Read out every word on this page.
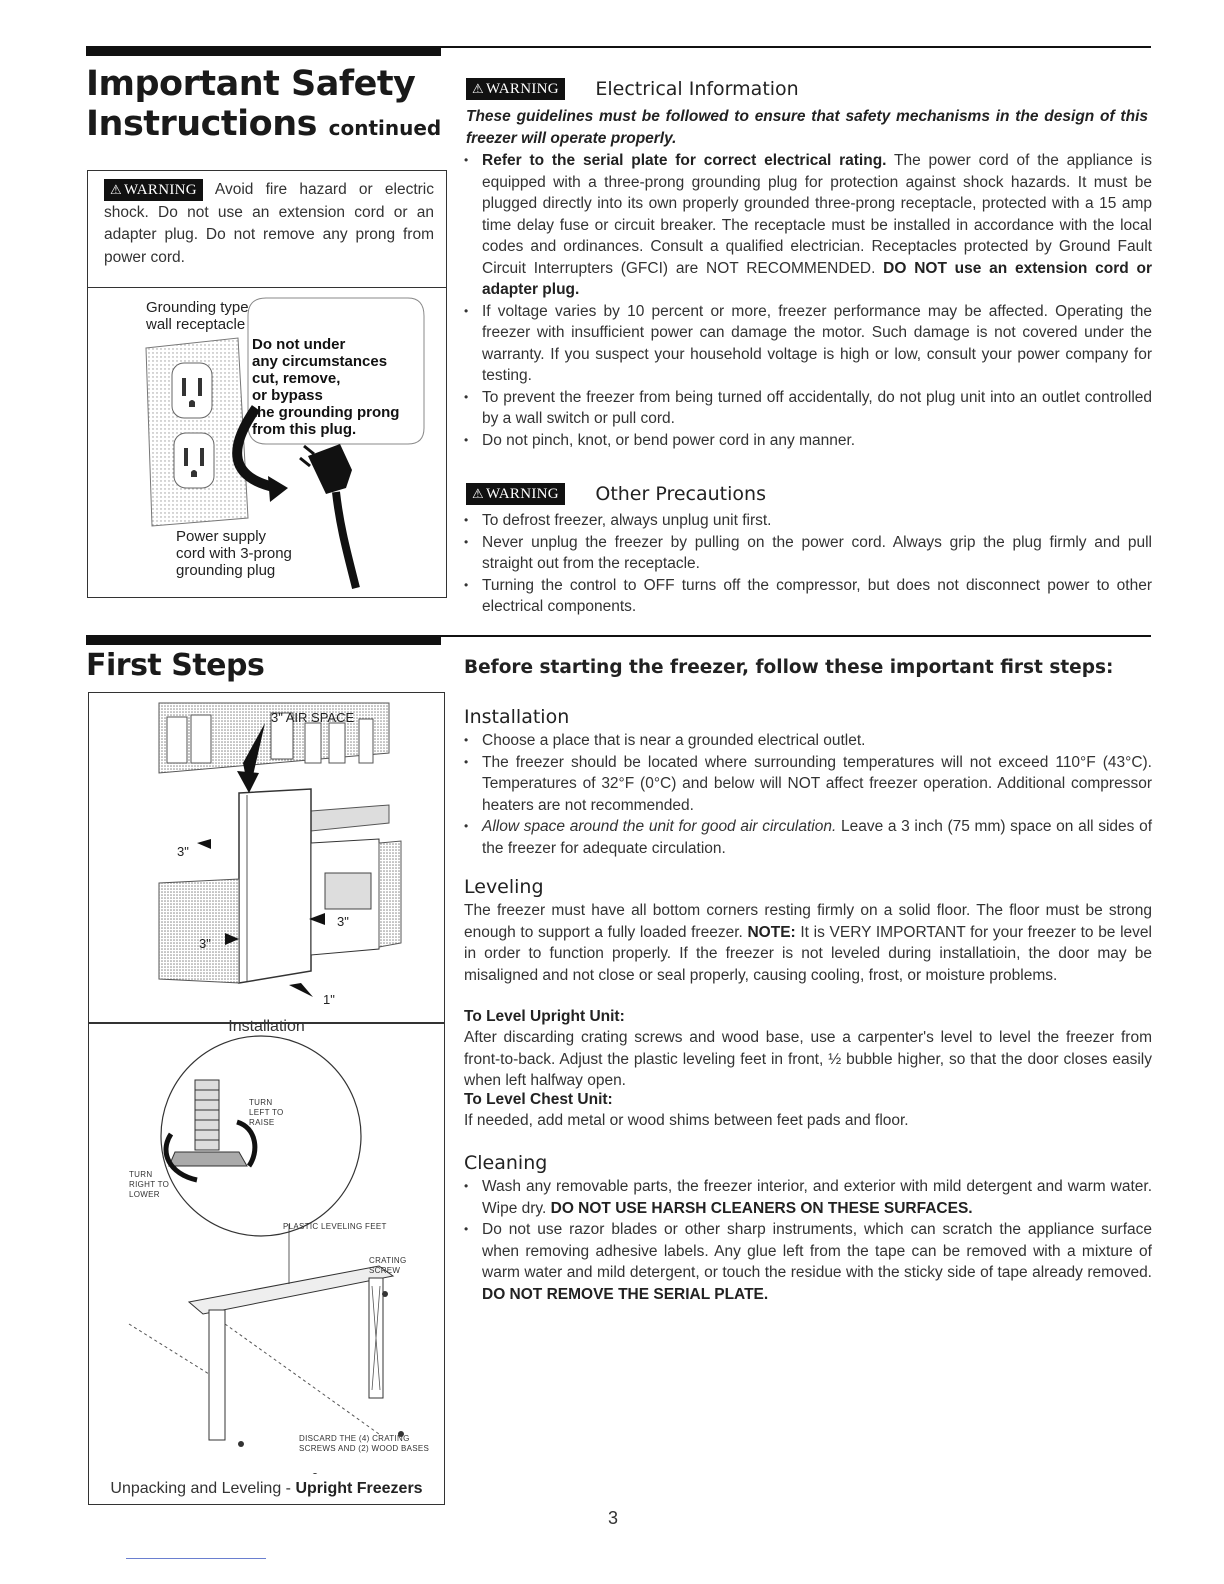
Important Safety
Instructions continued
⚠ WARNING Avoid fire hazard or electric shock. Do not use an extension cord or an adapter plug. Do not remove any prong from power cord.
Grounding type
wall receptacle
Do not under
any circumstances
cut, remove,
or bypass
the grounding prong
from this plug.
Power supply
cord with 3-prong
grounding plug
⚠ WARNING Electrical Information
These guidelines must be followed to ensure that safety mechanisms in the design of this freezer will operate properly.
• Refer to the serial plate for correct electrical rating. The power cord of the appliance is equipped with a three-prong grounding plug for protection against shock hazards. It must be plugged directly into its own properly grounded three-prong receptacle, protected with a 15 amp time delay fuse or circuit breaker. The receptacle must be installed in accordance with the local codes and ordinances. Consult a qualified electrician. Receptacles protected by Ground Fault Circuit Interrupters (GFCI) are NOT RECOMMENDED. DO NOT use an extension cord or adapter plug.
• If voltage varies by 10 percent or more, freezer performance may be affected. Operating the freezer with insufficient power can damage the motor. Such damage is not covered under the warranty. If you suspect your household voltage is high or low, consult your power company for testing.
• To prevent the freezer from being turned off accidentally, do not plug unit into an outlet controlled by a wall switch or pull cord.
• Do not pinch, knot, or bend power cord in any manner.
⚠ WARNING Other Precautions
• To defrost freezer, always unplug unit first.
• Never unplug the freezer by pulling on the power cord. Always grip the plug firmly and pull straight out from the receptacle.
• Turning the control to OFF turns off the compressor, but does not disconnect power to other electrical components.
First Steps	Before starting the freezer, follow these important first steps:
3" AIR SPACE
3"
3"
3"
1"
Installation
TURN
LEFT TO
RAISE
TURN
RIGHT TO
LOWER
PLASTIC LEVELING FEET
CRATING
SCREW
DISCARD THE (4) CRATING
SCREWS AND (2) WOOD BASES
Unpacking and Leveling - Upright Freezers
Installation
• Choose a place that is near a grounded electrical outlet.
• The freezer should be located where surrounding temperatures will not exceed 110°F (43°C). Temperatures of 32°F (0°C) and below will NOT affect freezer operation. Additional compressor heaters are not recommended.
• Allow space around the unit for good air circulation. Leave a 3 inch (75 mm) space on all sides of the freezer for adequate circulation.
Leveling
The freezer must have all bottom corners resting firmly on a solid floor. The floor must be strong enough to support a fully loaded freezer. NOTE: It is VERY IMPORTANT for your freezer to be level in order to function properly. If the freezer is not leveled during installatioin, the door may be misaligned and not close or seal properly, causing cooling, frost, or moisture problems.
To Level Upright Unit:
After discarding crating screws and wood base, use a carpenter's level to level the freezer from front-to-back. Adjust the plastic leveling feet in front, ½ bubble higher, so that the door closes easily when left halfway open.
To Level Chest Unit:
If needed, add metal or wood shims between feet pads and floor.
Cleaning
• Wash any removable parts, the freezer interior, and exterior with mild detergent and warm water. Wipe dry. DO NOT USE HARSH CLEANERS ON THESE SURFACES.
• Do not use razor blades or other sharp instruments, which can scratch the appliance surface when removing adhesive labels. Any glue left from the tape can be removed with a mixture of warm water and mild detergent, or touch the residue with the sticky side of tape already removed. DO NOT REMOVE THE SERIAL PLATE.
3
